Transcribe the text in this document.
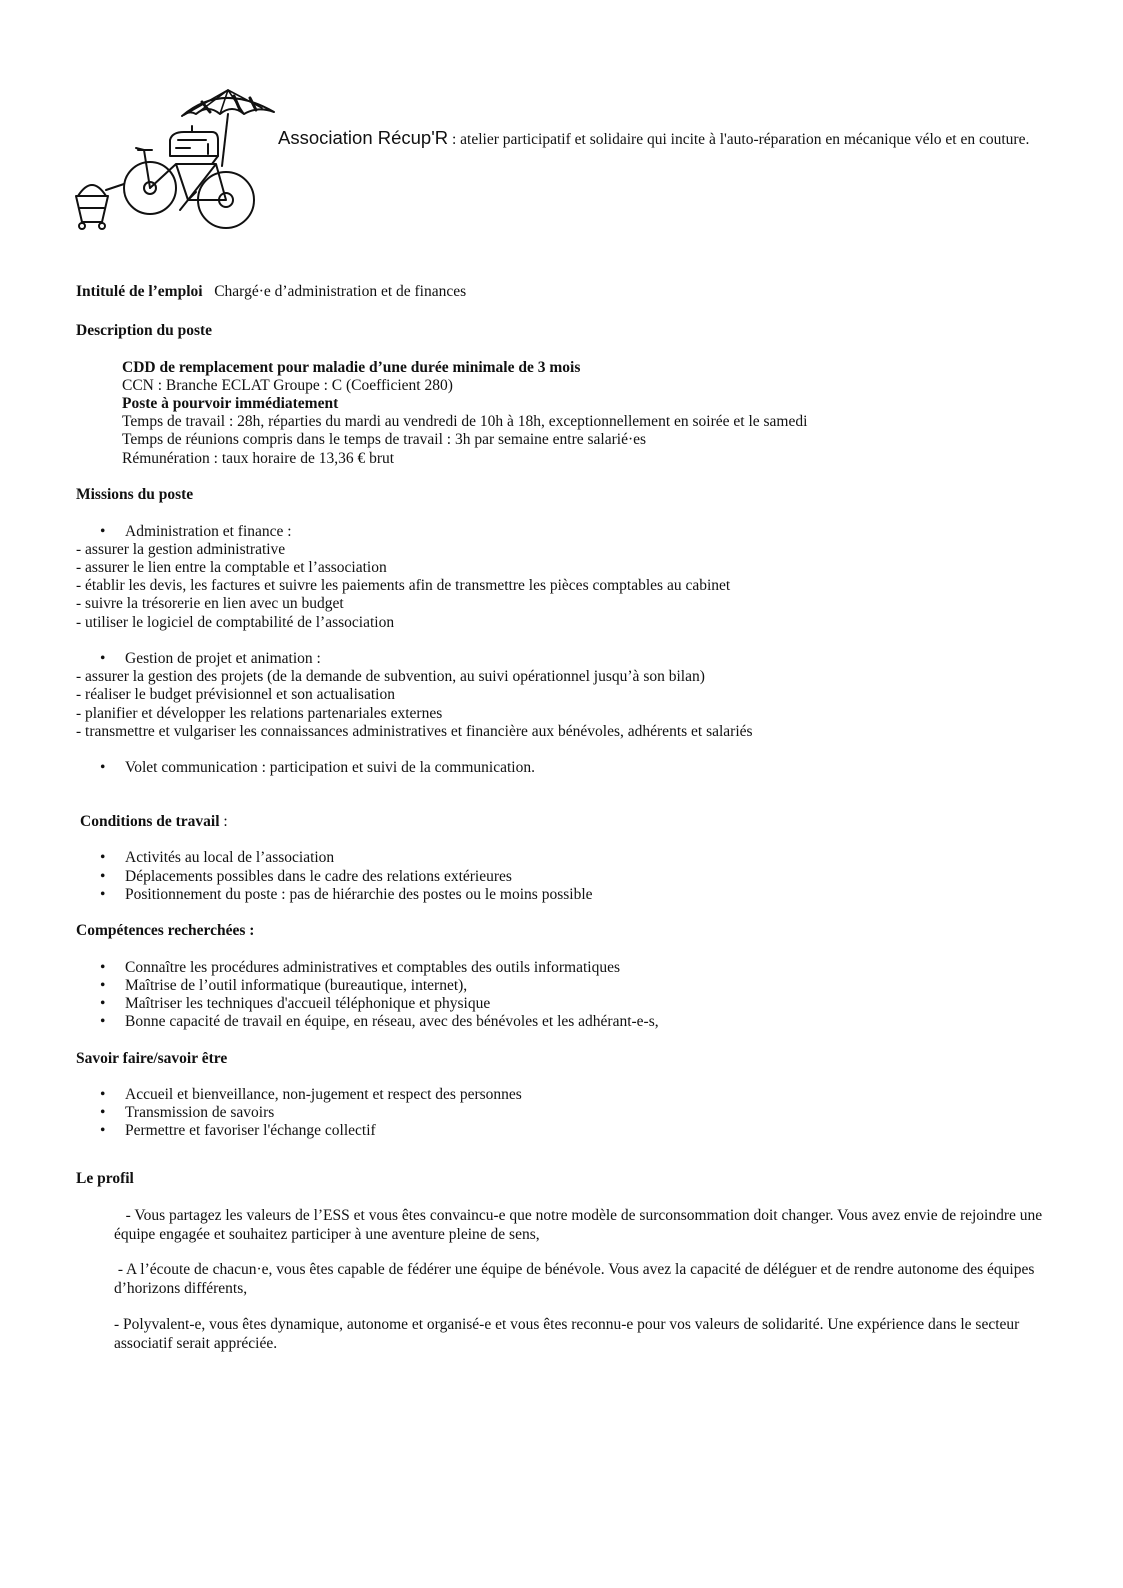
Association Récup'R : atelier participatif et solidaire qui incite à l'auto-réparation en mécanique vélo et en couture.
Intitulé de l’emploi Chargé·e d’administration et de finances
Description du poste
CDD de remplacement pour maladie d’une durée minimale de 3 mois
CCN : Branche ECLAT Groupe : C (Coefficient 280)
Poste à pourvoir immédiatement
Temps de travail : 28h, réparties du mardi au vendredi de 10h à 18h, exceptionnellement en soirée et le samedi
Temps de réunions compris dans le temps de travail : 3h par semaine entre salarié·es
Rémunération : taux horaire de 13,36 € brut
Missions du poste
•	Administration et finance :
- assurer la gestion administrative
- assurer le lien entre la comptable et l’association
- établir les devis, les factures et suivre les paiements afin de transmettre les pièces comptables au cabinet
- suivre la trésorerie en lien avec un budget
- utiliser le logiciel de comptabilité de l’association
•	Gestion de projet et animation :
- assurer la gestion des projets (de la demande de subvention, au suivi opérationnel jusqu’à son bilan)
- réaliser le budget prévisionnel et son actualisation
- planifier et développer les relations partenariales externes
- transmettre et vulgariser les connaissances administratives et financière aux bénévoles, adhérents et salariés
•	Volet communication : participation et suivi de la communication.
Conditions de travail :
•	Activités au local de l’association
•	Déplacements possibles dans le cadre des relations extérieures
•	Positionnement du poste : pas de hiérarchie des postes ou le moins possible
Compétences recherchées :
•	Connaître les procédures administratives et comptables des outils informatiques
•	Maîtrise de l’outil informatique (bureautique, internet),
•	Maîtriser les techniques d'accueil téléphonique et physique
•	Bonne capacité de travail en équipe, en réseau, avec des bénévoles et les adhérant-e-s,
Savoir faire/savoir être
•	Accueil et bienveillance, non-jugement et respect des personnes
•	Transmission de savoirs
•	Permettre et favoriser l'échange collectif
Le profil
- Vous partagez les valeurs de l’ESS et vous êtes convaincu-e que notre modèle de surconsommation doit changer. Vous avez envie de rejoindre une équipe engagée et souhaitez participer à une aventure pleine de sens,
- A l’écoute de chacun·e, vous êtes capable de fédérer une équipe de bénévole. Vous avez la capacité de déléguer et de rendre autonome des équipes d’horizons différents,
- Polyvalent-e, vous êtes dynamique, autonome et organisé-e et vous êtes reconnu-e pour vos valeurs de solidarité. Une expérience dans le secteur associatif serait appréciée.
